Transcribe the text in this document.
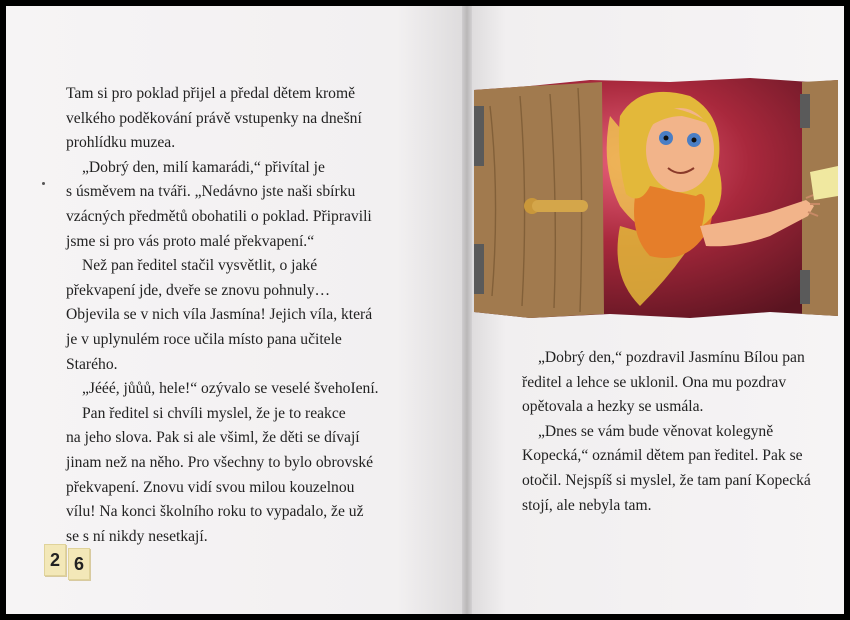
Tam si pro poklad přijel a předal dětem kromě
velkého poděkování právě vstupenky na dnešní
prohlídku muzea.

„Dobrý den, milí kamarádi,“ přivítal je
s úsměvem na tváři. „Nedávno jste naši sbírku
vzácných předmětů obohatili o poklad. Připravili
jsme si pro vás proto malé překvapení.“

Než pan ředitel stačil vysvětlit, o jaké
překvapení jde, dveře se znovu pohnuly…
Objevila se v nich víla Jasmína! Jejich víla, která
je v uplynulém roce učila místo pana učitele
Starého.

„Jééé, jůůů, hele!“ ozývalo se veselé švehoIení.

Pan ředitel si chvíli myslel, že je to reakce
na jeho slova. Pak si ale všiml, že děti se dívají
jinam než na něho. Pro všechny to bylo obrovské
překvapení. Znovu vidí svou milou kouzelnou
vílu! Na konci školního roku to vypadalo, že už
se s ní nikdy nesetkají.

2 6

„Dobrý den,“ pozdravil Jasmínu Bílou pan
ředitel a lehce se uklonil. Ona mu pozdrav
opětovala a hezky se usmála.

„Dnes se vám bude věnovat kolegyně
Kopecká,“ oznámil dětem pan ředitel. Pak se
otočil. Nejspíš si myslel, že tam paní Kopecká
stojí, ale nebyla tam.
